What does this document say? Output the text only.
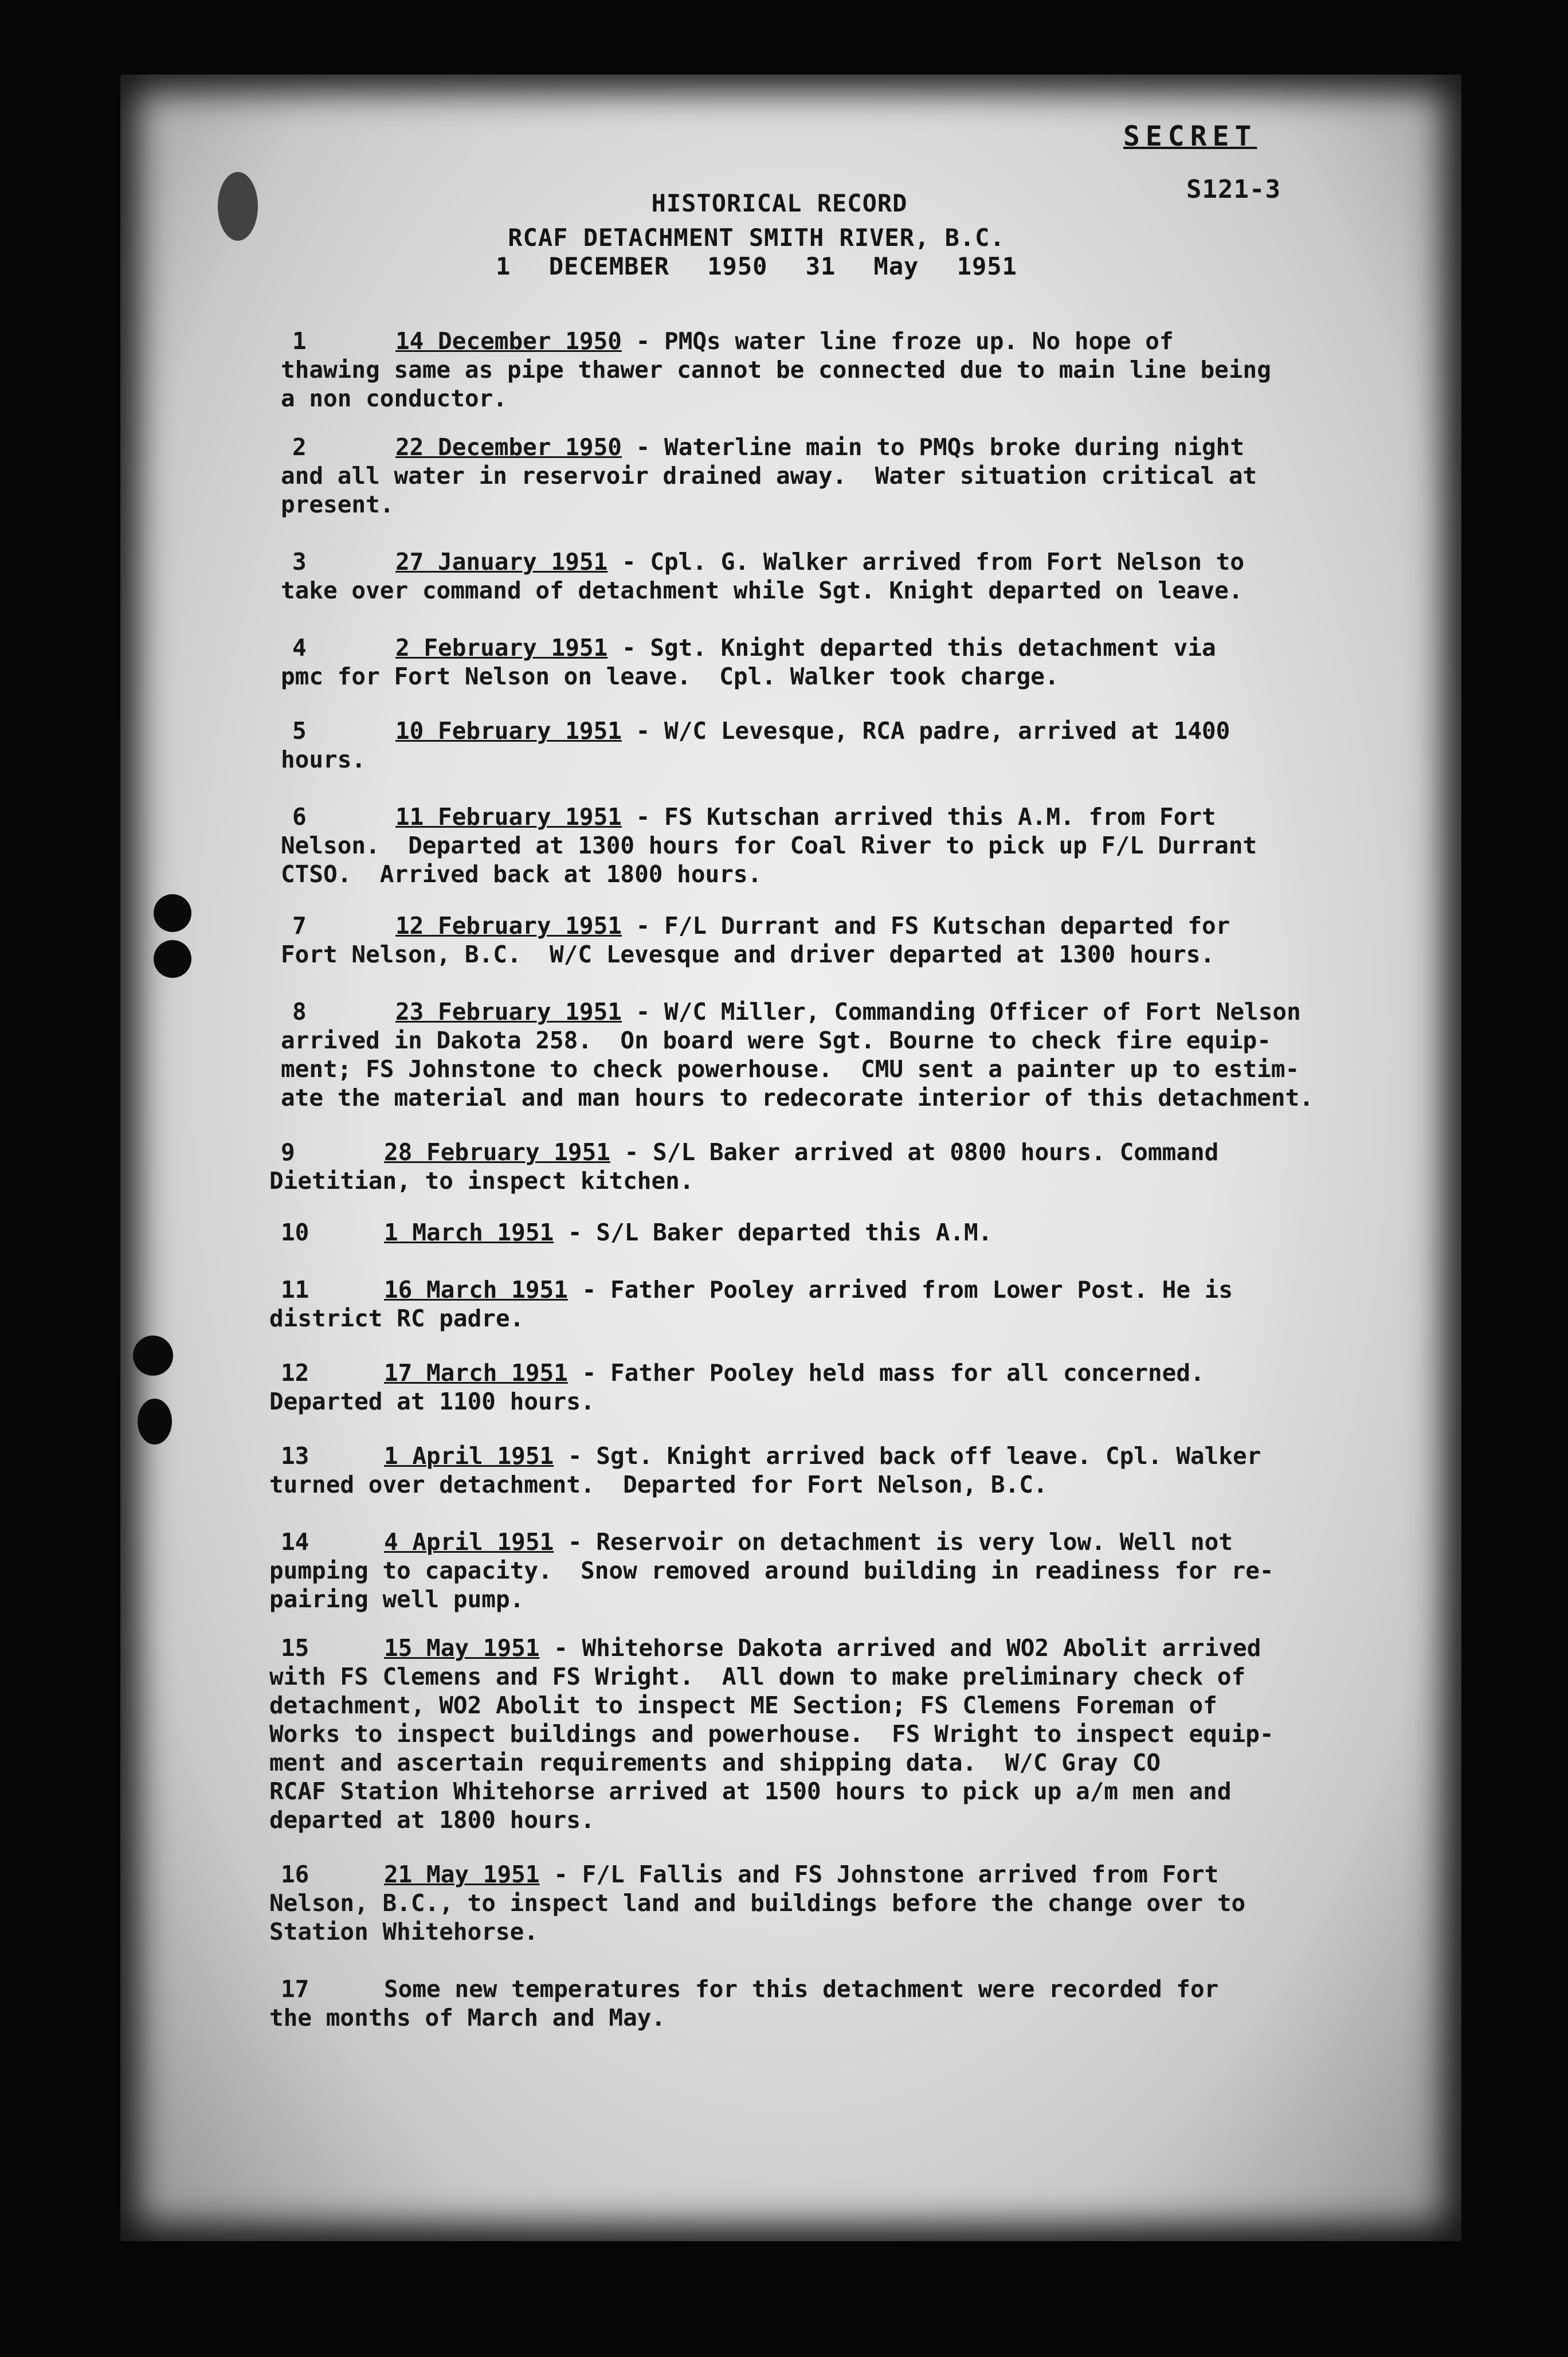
SECRET
S121-3
HISTORICAL RECORD
RCAF DETACHMENT SMITH RIVER, B.C.
1 DECEMBER 1950 31 May 1951
1	14 December 1950 - PMQs water line froze up. No hope of
thawing same as pipe thawer cannot be connected due to main line being
a non conductor.
2	22 December 1950 - Waterline main to PMQs broke during night
and all water in reservoir drained away.  Water situation critical at
present.
3	27 January 1951 - Cpl. G. Walker arrived from Fort Nelson to
take over command of detachment while Sgt. Knight departed on leave.
4	2 February 1951 - Sgt. Knight departed this detachment via
pmc for Fort Nelson on leave.  Cpl. Walker took charge.
5	10 February 1951 - W/C Levesque, RCA padre, arrived at 1400
hours.
6	11 February 1951 - FS Kutschan arrived this A.M. from Fort
Nelson.  Departed at 1300 hours for Coal River to pick up F/L Durrant
CTSO.  Arrived back at 1800 hours.
7	12 February 1951 - F/L Durrant and FS Kutschan departed for
Fort Nelson, B.C.  W/C Levesque and driver departed at 1300 hours.
8	23 February 1951 - W/C Miller, Commanding Officer of Fort Nelson
arrived in Dakota 258.  On board were Sgt. Bourne to check fire equip-
ment; FS Johnstone to check powerhouse.  CMU sent a painter up to estim-
ate the material and man hours to redecorate interior of this detachment.
9	28 February 1951 - S/L Baker arrived at 0800 hours. Command
Dietitian, to inspect kitchen.
10	1 March 1951 - S/L Baker departed this A.M.
11	16 March 1951 - Father Pooley arrived from Lower Post. He is
district RC padre.
12	17 March 1951 - Father Pooley held mass for all concerned.
Departed at 1100 hours.
13	1 April 1951 - Sgt. Knight arrived back off leave. Cpl. Walker
turned over detachment.  Departed for Fort Nelson, B.C.
14	4 April 1951 - Reservoir on detachment is very low. Well not
pumping to capacity.  Snow removed around building in readiness for re-
pairing well pump.
15	15 May 1951 - Whitehorse Dakota arrived and WO2 Abolit arrived
with FS Clemens and FS Wright.  All down to make preliminary check of
detachment, WO2 Abolit to inspect ME Section; FS Clemens Foreman of
Works to inspect buildings and powerhouse.  FS Wright to inspect equip-
ment and ascertain requirements and shipping data.  W/C Gray CO
RCAF Station Whitehorse arrived at 1500 hours to pick up a/m men and
departed at 1800 hours.
16	21 May 1951 - F/L Fallis and FS Johnstone arrived from Fort
Nelson, B.C., to inspect land and buildings before the change over to
Station Whitehorse.
17	Some new temperatures for this detachment were recorded for
the months of March and May.
